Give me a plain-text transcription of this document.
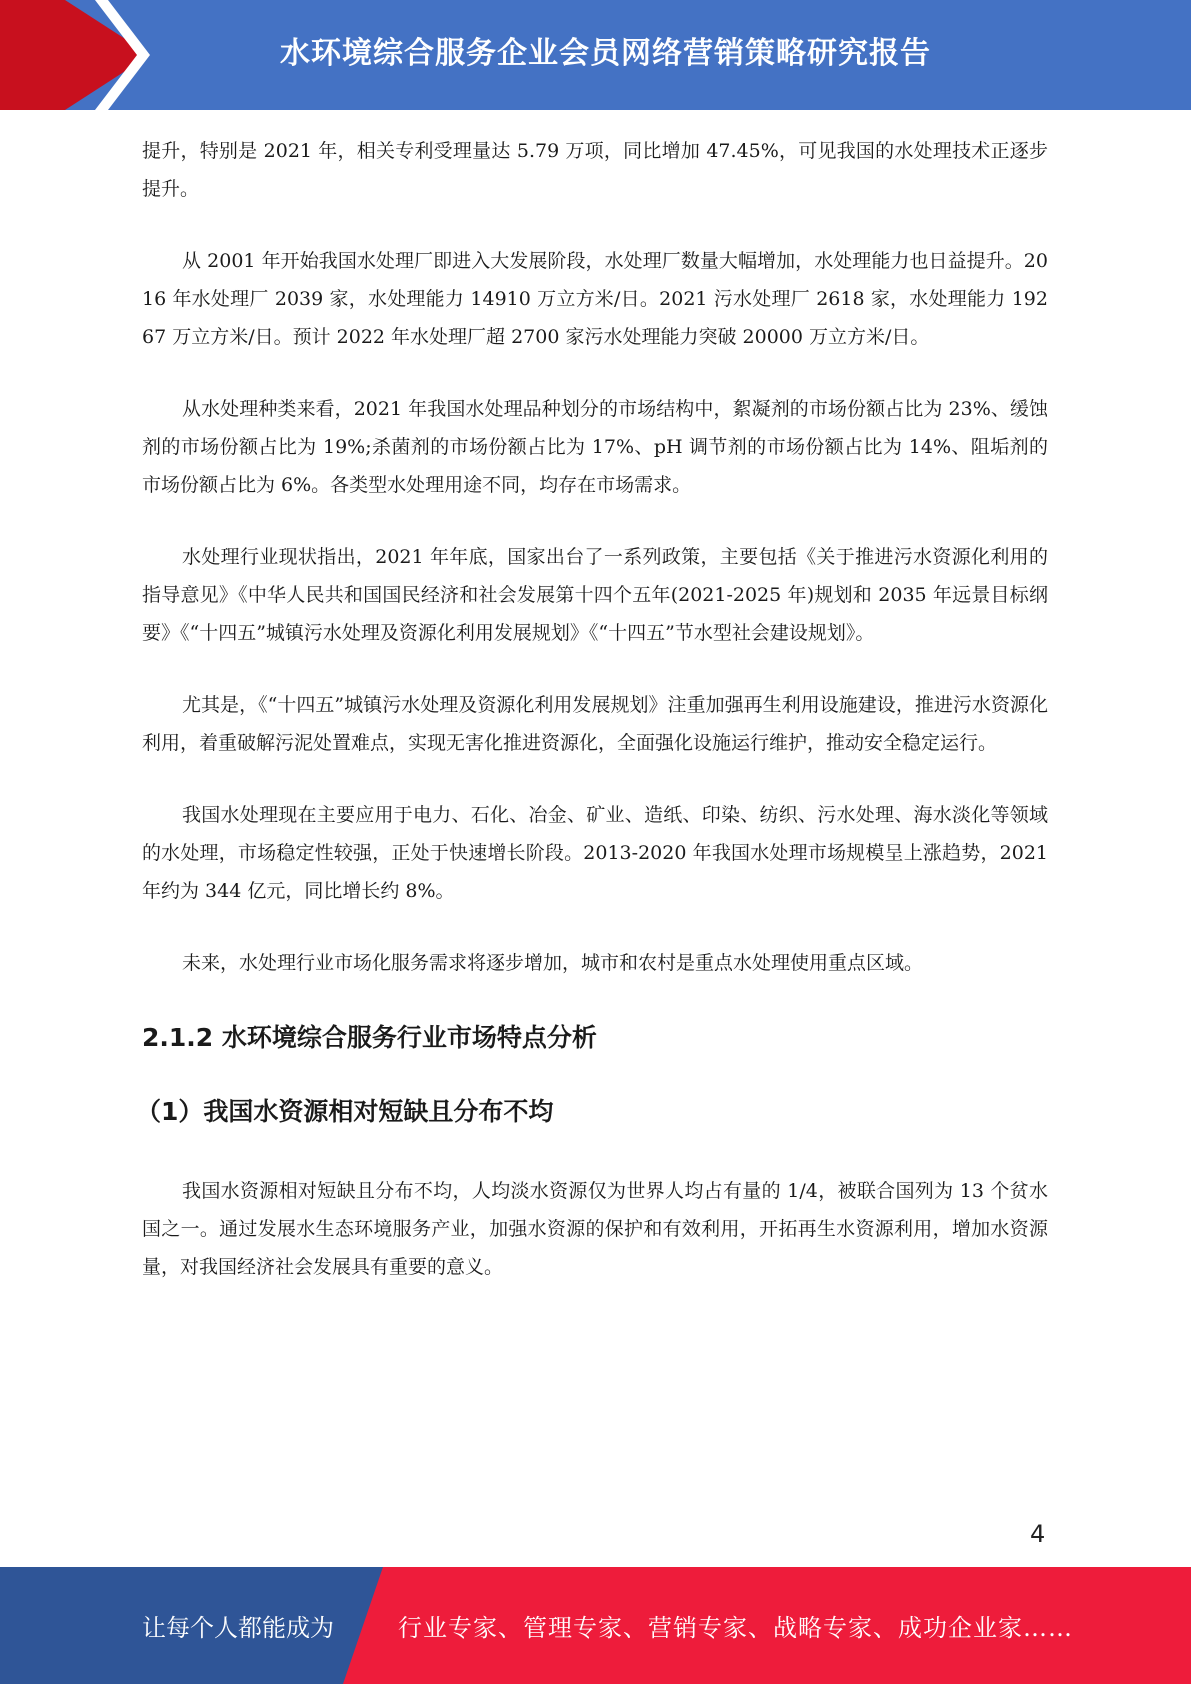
水环境综合服务企业会员网络营销策略研究报告

提升，特别是 2021 年，相关专利受理量达 5.79 万项，同比增加 47.45%，可见我国的水处理技术正逐步提升。

从 2001 年开始我国水处理厂即进入大发展阶段，水处理厂数量大幅增加，水处理能力也日益提升。2016 年水处理厂 2039 家，水处理能力 14910 万立方米/日。2021 污水处理厂 2618 家，水处理能力 19267 万立方米/日。预计 2022 年水处理厂超 2700 家污水处理能力突破 20000 万立方米/日。

从水处理种类来看，2021 年我国水处理品种划分的市场结构中，絮凝剂的市场份额占比为 23%、缓蚀剂的市场份额占比为 19%;杀菌剂的市场份额占比为 17%、pH 调节剂的市场份额占比为 14%、阻垢剂的市场份额占比为 6%。各类型水处理用途不同，均存在市场需求。

水处理行业现状指出，2021 年年底，国家出台了一系列政策，主要包括《关于推进污水资源化利用的指导意见》《中华人民共和国国民经济和社会发展第十四个五年(2021-2025 年)规划和 2035 年远景目标纲要》《“十四五”城镇污水处理及资源化利用发展规划》《“十四五”节水型社会建设规划》。

尤其是，《“十四五”城镇污水处理及资源化利用发展规划》注重加强再生利用设施建设，推进污水资源化利用，着重破解污泥处置难点，实现无害化推进资源化，全面强化设施运行维护，推动安全稳定运行。

我国水处理现在主要应用于电力、石化、冶金、矿业、造纸、印染、纺织、污水处理、海水淡化等领域的水处理，市场稳定性较强，正处于快速增长阶段。2013-2020 年我国水处理市场规模呈上涨趋势，2021 年约为 344 亿元，同比增长约 8%。

未来，水处理行业市场化服务需求将逐步增加，城市和农村是重点水处理使用重点区域。

2.1.2 水环境综合服务行业市场特点分析
（1）我国水资源相对短缺且分布不均

我国水资源相对短缺且分布不均，人均淡水资源仅为世界人均占有量的 1/4，被联合国列为 13 个贫水国之一。通过发展水生态环境服务产业，加强水资源的保护和有效利用，开拓再生水资源利用，增加水资源量，对我国经济社会发展具有重要的意义。

4
让每个人都能成为	行业专家、管理专家、营销专家、战略专家、成功企业家……
